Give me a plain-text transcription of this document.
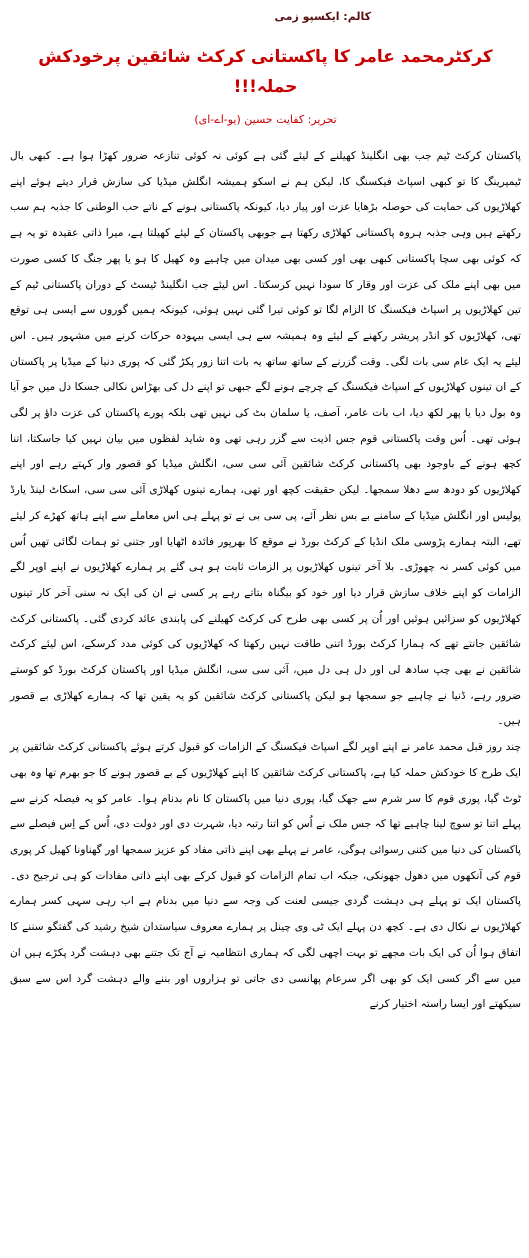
کالم: ایکسپو زمی
کرکٹرمحمد عامر کا پاکستانی کرکٹ شائقین پرخودکش حملہ!!!
تحریر: کفایت حسین (یو-اے-ای)

پاکستان کرکٹ ٹیم جب بھی انگلینڈ کھیلنے کے لیئے گئی ہے کوئی نہ کوئی تنازعہ ضرور کھڑا ہوا ہے۔ کبھی بال ٹیمپرینگ کا تو کبھی اسپاٹ فیکسنگ کا، لیکن ہم نے اسکو ہمیشہ انگلش میڈیا کی سازش قرار دیتے ہوئے اپنے کھلاڑیوں کی حمایت کی حوصلہ بڑھایا عزت اور پیار دیا، کیونکہ پاکستانی ہونے کے ناتے حب الوطنی کا جذبہ ہم سب رکھتے ہیں وہی جذبہ ہروہ پاکستانی کھلاڑی رکھتا ہے جوبھی پاکستان کے لیئے کھیلتا ہے، میرا ذاتی عقیدہ تو یہ ہے کہ کوئی بھی سچا پاکستانی کبھی بھی اور کسی بھی میدان میں چاہیے وہ کھیل کا ہو یا پھر جنگ کا کسی صورت میں بھی اپنے ملک کی عزت اور وقار کا سودا نہیں کرسکتا۔ اس لیئے جب انگلینڈ ٹیسٹ کے دوران پاکستانی ٹیم کے تین کھلاڑیوں پر اسپاٹ فیکسنگ کا الزام لگا تو کوئی تیرا گئی نہیں ہوئی، کیونکہ ہمیں گوروں سے ایسی ہی توقع تھی، کھلاڑیوں کو انڈر پریشر رکھنے کے لیئے وہ ہمیشہ سے ہی ایسی بیہودہ حرکات کرنے میں مشہور ہیں۔ اس لیئے یہ ایک عام سی بات لگی۔ وقت گزرنے کے ساتھ ساتھ یہ بات اتنا زور پکڑ گئی کہ پوری دنیا کے میڈیا پر پاکستان کے ان تینوں کھلاڑیوں کے اسپاٹ فیکسنگ کے چرچے ہونے لگے جبھی تو اپنے دل کی بھڑاس نکالی جسکا دل میں جو آیا وہ بول دیا یا پھر لکھ دیا، اب بات عامر، آصف، یا سلمان بٹ کی نہیں تھی بلکہ پورے پاکستان کی عزت داؤ پر لگی ہوئی تھی۔ اُس وقت پاکستانی قوم جس اذیت سے گزر رہی تھی وہ شاید لفظوں میں بیان نہیں کیا جاسکتا، اتنا کچھ ہونے کے باوجود بھی پاکستانی کرکٹ شائقین آئی سی سی، انگلش میڈیا کو قصور وار کہتے رہے اور اپنے کھلاڑیوں کو دودھ سے دھلا سمجھا۔ لیکن حقیقت کچھ اور تھی، ہمارے تینوں کھلاڑی آئی سی سی، اسکاٹ لینڈ یارڈ پولیس اور انگلش میڈیا کے سامنے بے بس نظر آئے، پی سی بی نے تو پہلے ہی اس معاملے سے اپنے ہاتھ کھڑے کر لیئے تھے، البتہ ہمارے پڑوسی ملک انڈیا کے کرکٹ بورڈ نے موقع کا بھرپور فائدہ اٹھایا اور جتنی تو ہمات لگائی تھیں اُس میں کوئی کسر نہ چھوڑی۔ بلا آخر تینوں کھلاڑیوں پر الزمات ثابت ہو ہی گئے پر ہمارے کھلاڑیوں نے اپنے اوپر لگے الزامات کو اپنے خلاف سازش قرار دیا اور خود کو بیگناہ بتاتے رہے پر کسی نے ان کی ایک نہ سنی آخر کار تینوں کھلاڑیوں کو سزائیں ہوئیں اور اُن پر کسی بھی طرح کی کرکٹ کھیلنے کی پابندی عائد کردی گئی۔ پاکستانی کرکٹ شائقین جانتے تھے کہ ہمارا کرکٹ بورڈ اتنی طاقت نہیں رکھتا کہ کھلاڑیوں کی کوئی مدد کرسکے، اس لیئے کرکٹ شائقین نے بھی چپ سادھ لی اور دل ہی دل میں، آئی سی سی، انگلش میڈیا اور پاکستان کرکٹ بورڈ کو کوستے ضرور رہے، ڈنیا نے چاہیے جو سمجھا ہو لیکن پاکستانی کرکٹ شائقین کو یہ یقین تھا کہ ہمارے کھلاڑی بے قصور ہیں۔

چند روز قبل محمد عامر نے اپنے اوپر لگے اسپاٹ فیکسنگ کے الزامات کو قبول کرتے ہوئے پاکستانی کرکٹ شائقین پر ایک طرح کا خودکش حملہ کیا ہے، پاکستانی کرکٹ شائقین کا اپنے کھلاڑیوں کے بے قصور ہونے کا جو بھرم تھا وہ بھی ٹوٹ گیا، پوری قوم کا سر شرم سے جھک گیا، پوری دنیا میں پاکستان کا نام بدنام ہوا۔ عامر کو یہ فیصلہ کرنے سے پہلے اتنا تو سوچ لینا چاہیے تھا کہ جس ملک نے اُس کو اتنا رتبہ دیا، شہرت دی اور دولت دی، اُس کے اِس فیصلے سے پاکستان کی دنیا میں کتنی رسوائی ہوگی، عامر نے پہلے بھی اپنے ذاتی مفاد کو عزیز سمجھا اور گھناونا کھیل کر پوری قوم کی آنکھوں میں دھول جھونکی، جبکہ اب تمام الزامات کو قبول کرکے بھی اپنے ذاتی مفادات کو ہی ترجیح دی۔ پاکستان ایک تو پہلے ہی دہشت گردی جیسی لعنت کی وجہ سے دنیا میں بدنام ہے اب رہی سہی کسر ہمارے کھلاڑیوں نے نکال دی ہے۔ کچھ دن پہلے ایک ٹی وی چینل پر ہمارے معروف سیاستدان شیخ رشید کی گفتگو سننے کا اتفاق ہوا اُن کی ایک بات مجھے تو بہت اچھی لگی کہ ہماری انتظامیہ نے آج تک جتنے بھی دہشت گرد پکڑے ہیں ان میں سے اگر کسی ایک کو بھی اگر سرعام پھانسی دی جاتی تو ہزاروں اور بننے والے دہشت گرد اس سے سبق سیکھتے اور ایسا راستہ اختیار کرنے
